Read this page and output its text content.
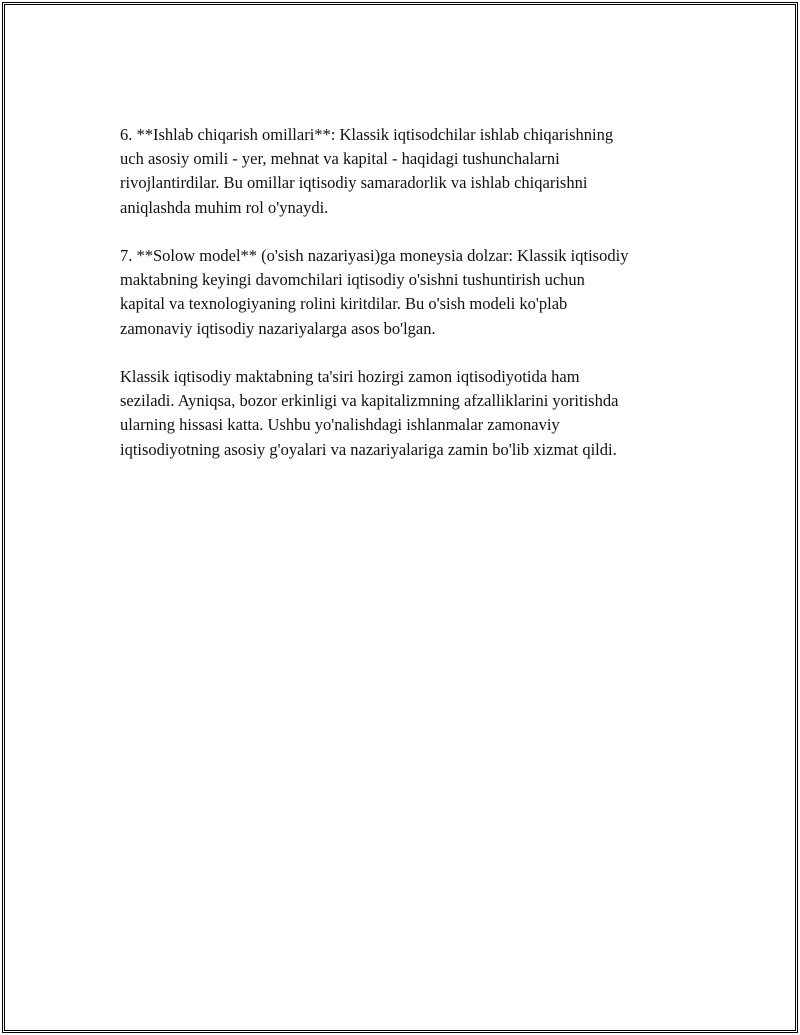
6. **Ishlab chiqarish omillari**: Klassik iqtisodchilar ishlab chiqarishning
uch asosiy omili - yer, mehnat va kapital - haqidagi tushunchalarni
rivojlantirdilar. Bu omillar iqtisodiy samaradorlik va ishlab chiqarishni
aniqlashda muhim rol o'ynaydi.

7. **Solow model** (o'sish nazariyasi)ga moneysia dolzar: Klassik iqtisodiy
maktabning keyingi davomchilari iqtisodiy o'sishni tushuntirish uchun
kapital va texnologiyaning rolini kiritdilar. Bu o'sish modeli ko'plab
zamonaviy iqtisodiy nazariyalarga asos bo'lgan.

Klassik iqtisodiy maktabning ta'siri hozirgi zamon iqtisodiyotida ham
seziladi. Ayniqsa, bozor erkinligi va kapitalizmning afzalliklarini yoritishda
ularning hissasi katta. Ushbu yo'nalishdagi ishlanmalar zamonaviy
iqtisodiyotning asosiy g'oyalari va nazariyalariga zamin bo'lib xizmat qildi.
